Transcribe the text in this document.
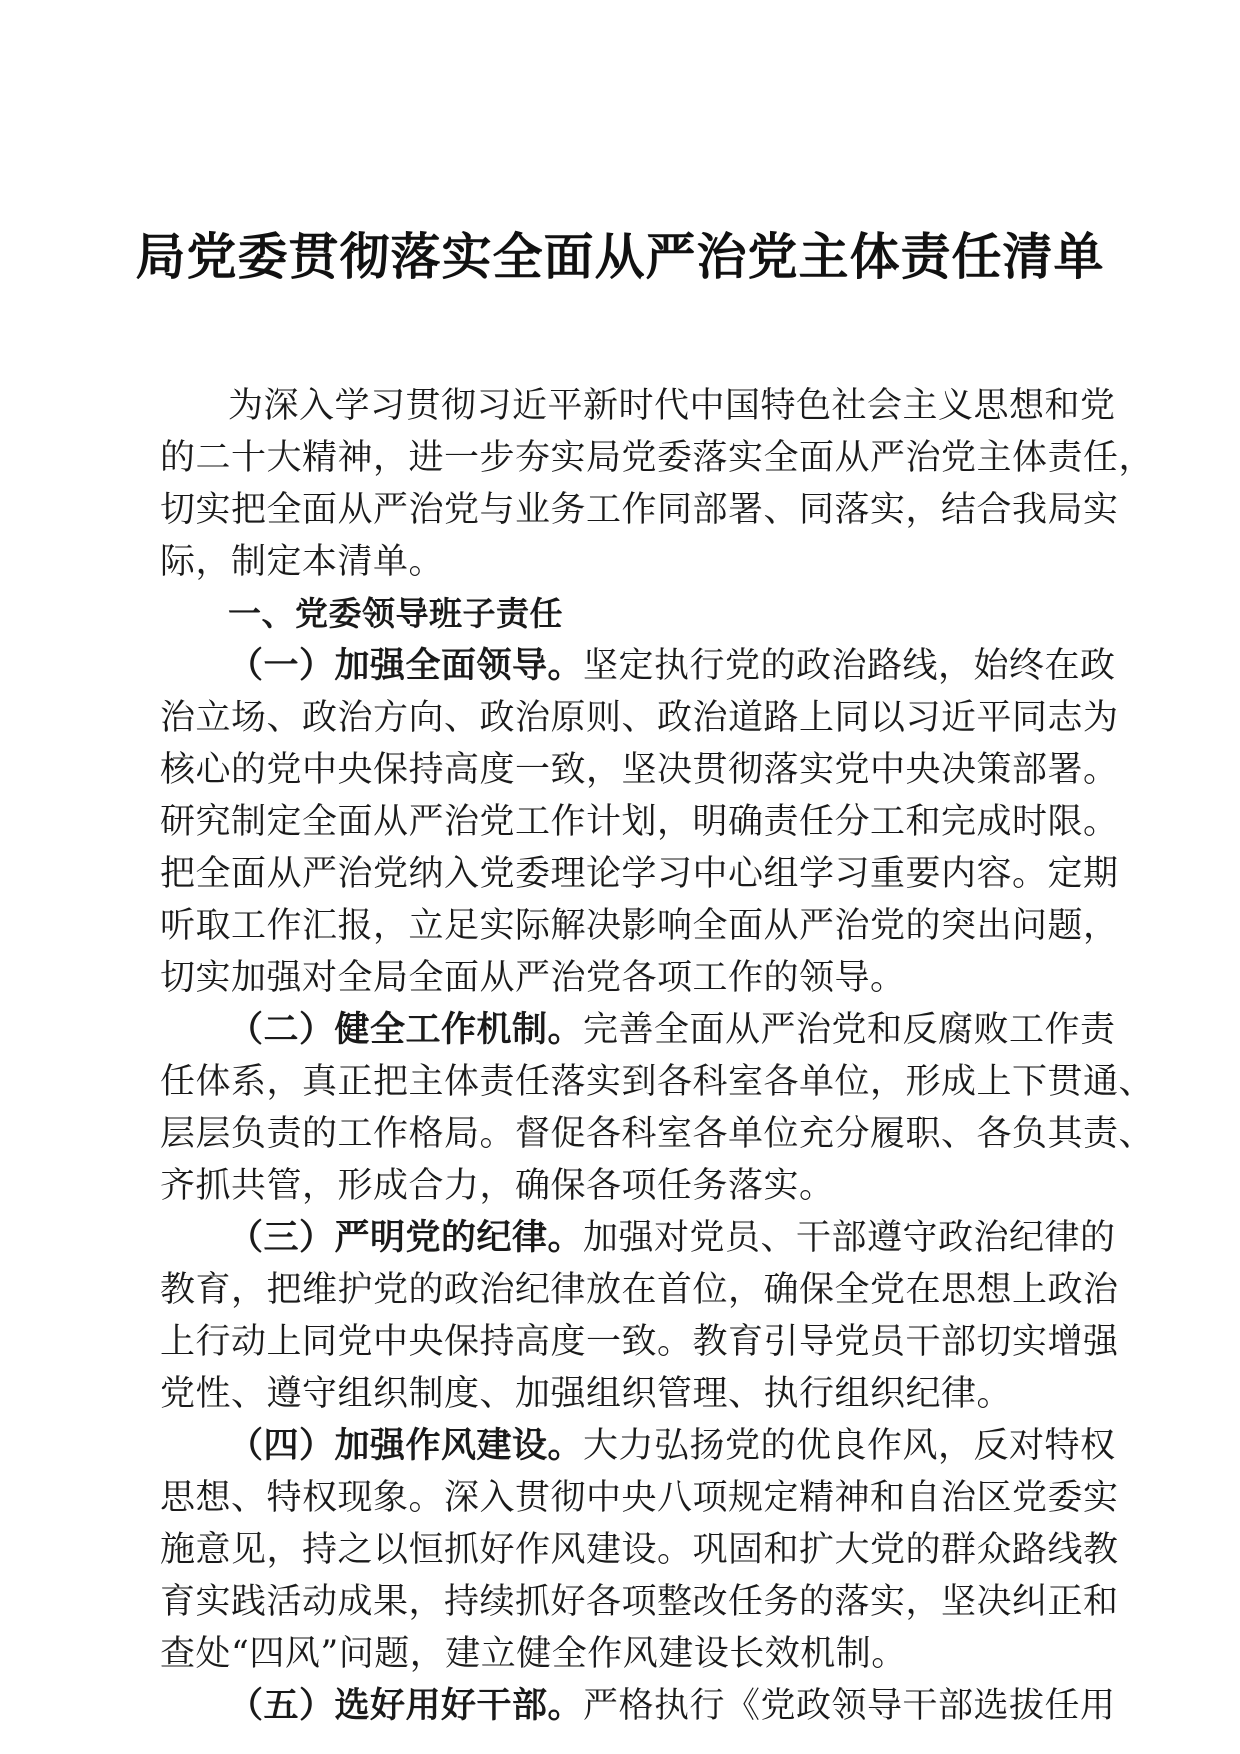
局党委贯彻落实全面从严治党主体责任清单
为深入学习贯彻习近平新时代中国特色社会主义思想和党
的二十大精神，进一步夯实局党委落实全面从严治党主体责任，
切实把全面从严治党与业务工作同部署、同落实，结合我局实
际，制定本清单。
一、党委领导班子责任
（一）加强全面领导。坚定执行党的政治路线，始终在政
治立场、政治方向、政治原则、政治道路上同以习近平同志为
核心的党中央保持高度一致，坚决贯彻落实党中央决策部署。
研究制定全面从严治党工作计划，明确责任分工和完成时限。
把全面从严治党纳入党委理论学习中心组学习重要内容。定期
听取工作汇报，立足实际解决影响全面从严治党的突出问题，
切实加强对全局全面从严治党各项工作的领导。
（二）健全工作机制。完善全面从严治党和反腐败工作责
任体系，真正把主体责任落实到各科室各单位，形成上下贯通、
层层负责的工作格局。督促各科室各单位充分履职、各负其责、
齐抓共管，形成合力，确保各项任务落实。
（三）严明党的纪律。加强对党员、干部遵守政治纪律的
教育，把维护党的政治纪律放在首位，确保全党在思想上政治
上行动上同党中央保持高度一致。教育引导党员干部切实增强
党性、遵守组织制度、加强组织管理、执行组织纪律。
（四）加强作风建设。大力弘扬党的优良作风，反对特权
思想、特权现象。深入贯彻中央八项规定精神和自治区党委实
施意见，持之以恒抓好作风建设。巩固和扩大党的群众路线教
育实践活动成果，持续抓好各项整改任务的落实，坚决纠正和
查处“四风”问题，建立健全作风建设长效机制。
（五）选好用好干部。严格执行《党政领导干部选拔任用
